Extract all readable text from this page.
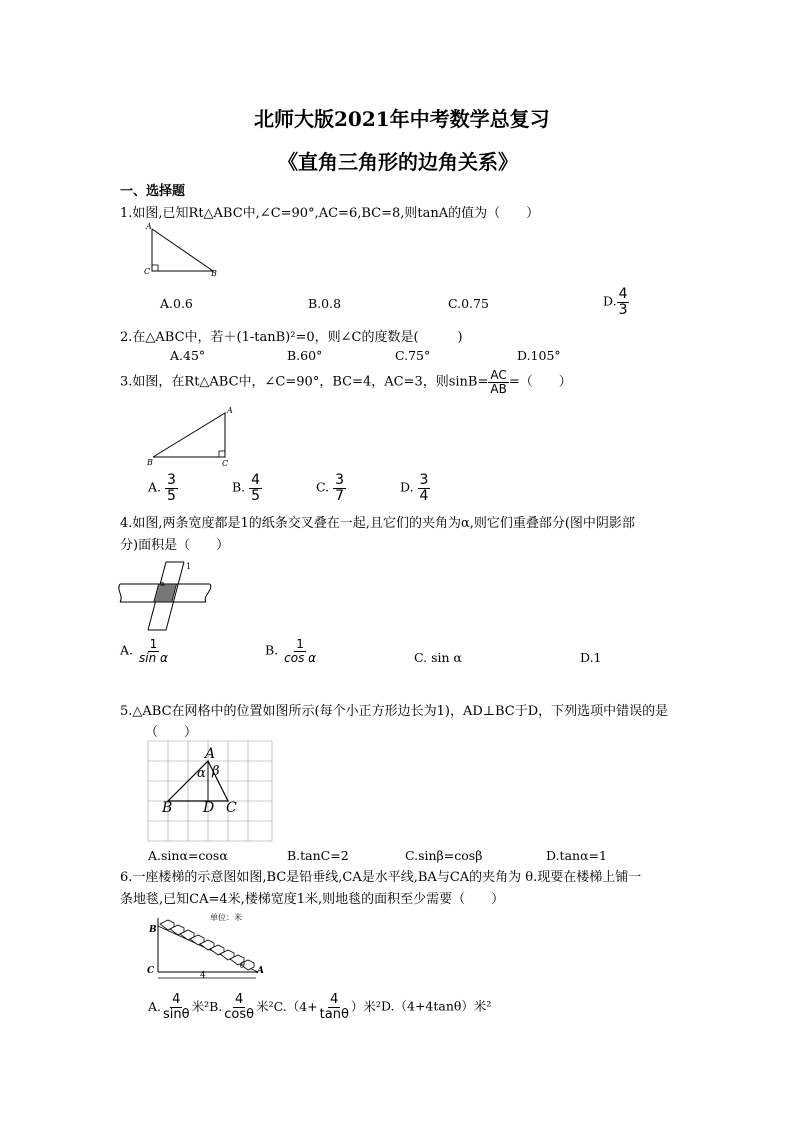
北师大版2021年中考数学总复习
《直角三角形的边角关系》
一、选择题
1.如图,已知Rt△ABC中,∠C=90°,AC=6,BC=8,则tanA的值为（　　）
A
C	B
A.0.6	B.0.8	C.0.75	D. $\frac{4}{3}$
2.在△ABC中，若＋(1-tanB)²=0，则∠C的度数是(　　　)
A.45°	B.60°	C.75°	D.105°
3.如图，在Rt△ABC中，∠C=90°，BC=4，AC=3，则$\sin B= \frac{AC}{AB}$ =（　　）
A
B	C
A. $\frac{3}{5}$	B. $\frac{4}{5}$	C. $\frac{3}{7}$	D. $\frac{3}{4}$
4.如图,两条宽度都是1的纸条交叉叠在一起,且它们的夹角为α,则它们重叠部分(图中阴影部
分)面积是（　　）
1
α
A. $\frac{1}{\text{sin α}}$	B. $\frac{1}{\text{cos α}}$	C. sin α	D.1
5.△ABC在网格中的位置如图所示(每个小正方形边长为1)，AD⊥BC于D，下列选项中错误的是
（　　）
A
α β
B D C
A.sinα=cosα	B.tanC=2	C.sinβ=cosβ	D.tanα=1
6.一座楼梯的示意图如图,BC是铅垂线,CA是水平线,BA与CA的夹角为 θ.现要在楼梯上铺一
条地毯,已知CA=4米,楼梯宽度1米,则地毯的面积至少需要（　　）
单位：米
B
C	A
4
θ
A. $\frac{4}{\sin\theta}$ 米²B. $\frac{4}{\cos\theta}$ 米$^2C.(4+ \frac{4}{\tan\theta}$ ）米²D.（4+4tanθ）米²
